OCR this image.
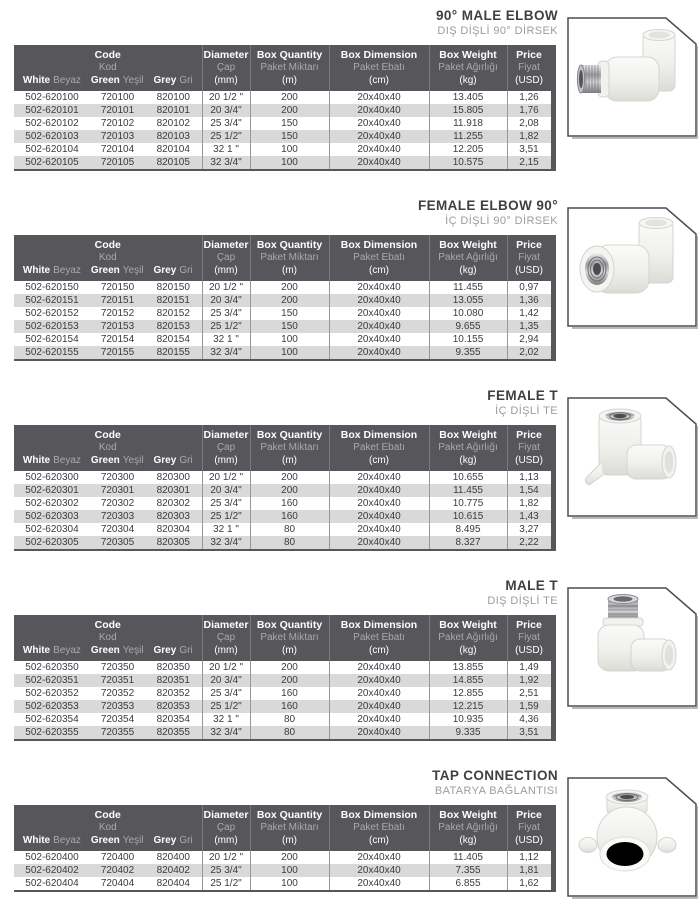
90° MALE ELBOW
DIŞ DİŞLİ 90° DİRSEK
Code
Kod
White Beyaz Green Yeşil Grey Gri

Diameter
Çap
(mm)

Box Quantity
Paket Miktarı
(m)

Box Dimension
Paket Ebatı
(cm)

Box Weight
Paket Ağırlığı
(kg)

Price
Fiyat
(USD)

502-620100	720100	820100	20 1/2 "	200	20x40x40	13.405	1,26
502-620101	720101	820101	20 3/4"	200	20x40x40	15.805	1,76
502-620102	720102	820102	25 3/4"	150	20x40x40	11.918	2,08
502-620103	720103	820103	25 1/2"	150	20x40x40	11.255	1,82
502-620104	720104	820104	32 1 "	100	20x40x40	12.205	3,51
502-620105	720105	820105	32 3/4"	100	20x40x40	10.575	2,15
FEMALE ELBOW 90°
İÇ DİŞLİ 90° DİRSEK
Code
Kod
White Beyaz Green Yeşil Grey Gri

Diameter
Çap
(mm)

Box Quantity
Paket Miktarı
(m)

Box Dimension
Paket Ebatı
(cm)

Box Weight
Paket Ağırlığı
(kg)

Price
Fiyat
(USD)

502-620150	720150	820150	20 1/2 "	200	20x40x40	11.455	0,97
502-620151	720151	820151	20 3/4"	200	20x40x40	13.055	1,36
502-620152	720152	820152	25 3/4"	150	20x40x40	10.080	1,42
502-620153	720153	820153	25 1/2"	150	20x40x40	9.655	1,35
502-620154	720154	820154	32 1 "	100	20x40x40	10.155	2,94
502-620155	720155	820155	32 3/4"	100	20x40x40	9.355	2,02
FEMALE T
İÇ DİŞLİ TE
Code
Kod
White Beyaz Green Yeşil Grey Gri

Diameter
Çap
(mm)

Box Quantity
Paket Miktarı
(m)

Box Dimension
Paket Ebatı
(cm)

Box Weight
Paket Ağırlığı
(kg)

Price
Fiyat
(USD)

502-620300	720300	820300	20 1/2 "	200	20x40x40	10.655	1,13
502-620301	720301	820301	20 3/4"	200	20x40x40	11.455	1,54
502-620302	720302	820302	25 3/4"	160	20x40x40	10.775	1,82
502-620303	720303	820303	25 1/2"	160	20x40x40	10.615	1,43
502-620304	720304	820304	32 1 "	80	20x40x40	8.495	3,27
502-620305	720305	820305	32 3/4"	80	20x40x40	8.327	2,22
MALE T
DIŞ DİŞLİ TE
Code
Kod
White Beyaz Green Yeşil Grey Gri

Diameter
Çap
(mm)

Box Quantity
Paket Miktarı
(m)

Box Dimension
Paket Ebatı
(cm)

Box Weight
Paket Ağırlığı
(kg)

Price
Fiyat
(USD)

502-620350	720350	820350	20 1/2 "	200	20x40x40	13.855	1,49
502-620351	720351	820351	20 3/4"	200	20x40x40	14.855	1,92
502-620352	720352	820352	25 3/4"	160	20x40x40	12.855	2,51
502-620353	720353	820353	25 1/2"	160	20x40x40	12.215	1,59
502-620354	720354	820354	32 1 "	80	20x40x40	10.935	4,36
502-620355	720355	820355	32 3/4"	80	20x40x40	9.335	3,51
TAP CONNECTION
BATARYA BAĞLANTISI
Code
Kod
White Beyaz Green Yeşil Grey Gri

Diameter
Çap
(mm)

Box Quantity
Paket Miktarı
(m)

Box Dimension
Paket Ebatı
(cm)

Box Weight
Paket Ağırlığı
(kg)

Price
Fiyat
(USD)

502-620400	720400	820400	20 1/2 "	200	20x40x40	11.405	1,12
502-620402	720402	820402	25 3/4"	100	20x40x40	7.355	1,81
502-620404	720404	820404	25 1/2"	100	20x40x40	6.855	1,62
